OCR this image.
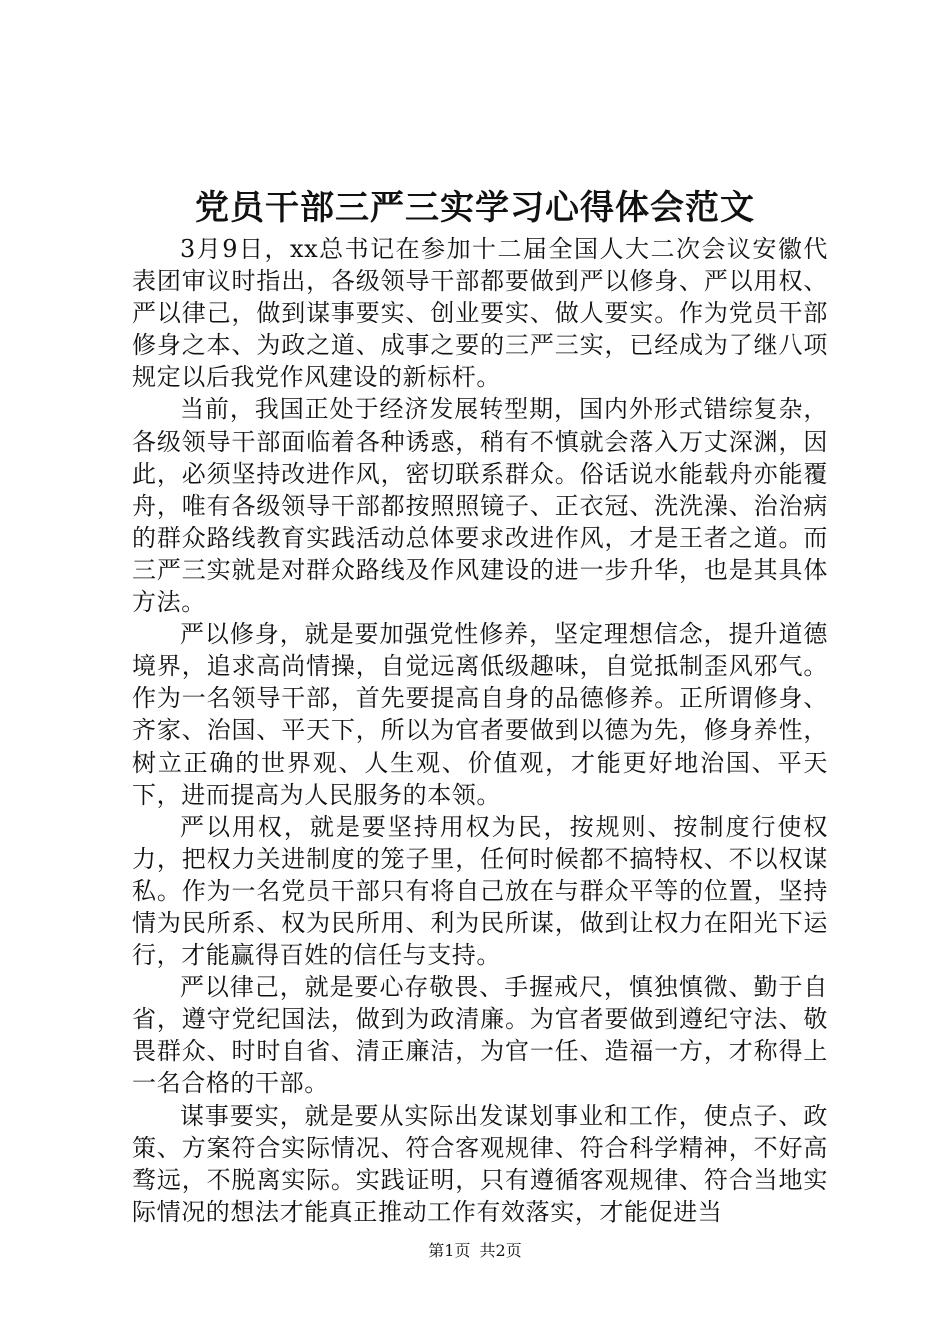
党员干部三严三实学习心得体会范文

3月9日，xx总书记在参加十二届全国人大二次会议安徽代表团审议时指出，各级领导干部都要做到严以修身、严以用权、严以律己，做到谋事要实、创业要实、做人要实。作为党员干部修身之本、为政之道、成事之要的三严三实，已经成为了继八项规定以后我党作风建设的新标杆。

当前，我国正处于经济发展转型期，国内外形式错综复杂，各级领导干部面临着各种诱惑，稍有不慎就会落入万丈深渊，因此，必须坚持改进作风，密切联系群众。俗话说水能载舟亦能覆舟，唯有各级领导干部都按照照镜子、正衣冠、洗洗澡、治治病的群众路线教育实践活动总体要求改进作风，才是王者之道。而三严三实就是对群众路线及作风建设的进一步升华，也是其具体方法。

严以修身，就是要加强党性修养，坚定理想信念，提升道德境界，追求高尚情操，自觉远离低级趣味，自觉抵制歪风邪气。作为一名领导干部，首先要提高自身的品德修养。正所谓修身、齐家、治国、平天下，所以为官者要做到以德为先，修身养性，树立正确的世界观、人生观、价值观，才能更好地治国、平天下，进而提高为人民服务的本领。

严以用权，就是要坚持用权为民，按规则、按制度行使权力，把权力关进制度的笼子里，任何时候都不搞特权、不以权谋私。作为一名党员干部只有将自己放在与群众平等的位置，坚持情为民所系、权为民所用、利为民所谋，做到让权力在阳光下运行，才能赢得百姓的信任与支持。

严以律己，就是要心存敬畏、手握戒尺，慎独慎微、勤于自省，遵守党纪国法，做到为政清廉。为官者要做到遵纪守法、敬畏群众、时时自省、清正廉洁，为官一任、造福一方，才称得上一名合格的干部。

谋事要实，就是要从实际出发谋划事业和工作，使点子、政策、方案符合实际情况、符合客观规律、符合科学精神，不好高骛远，不脱离实际。实践证明，只有遵循客观规律、符合当地实际情况的想法才能真正推动工作有效落实，才能促进当

第1页 共2页
